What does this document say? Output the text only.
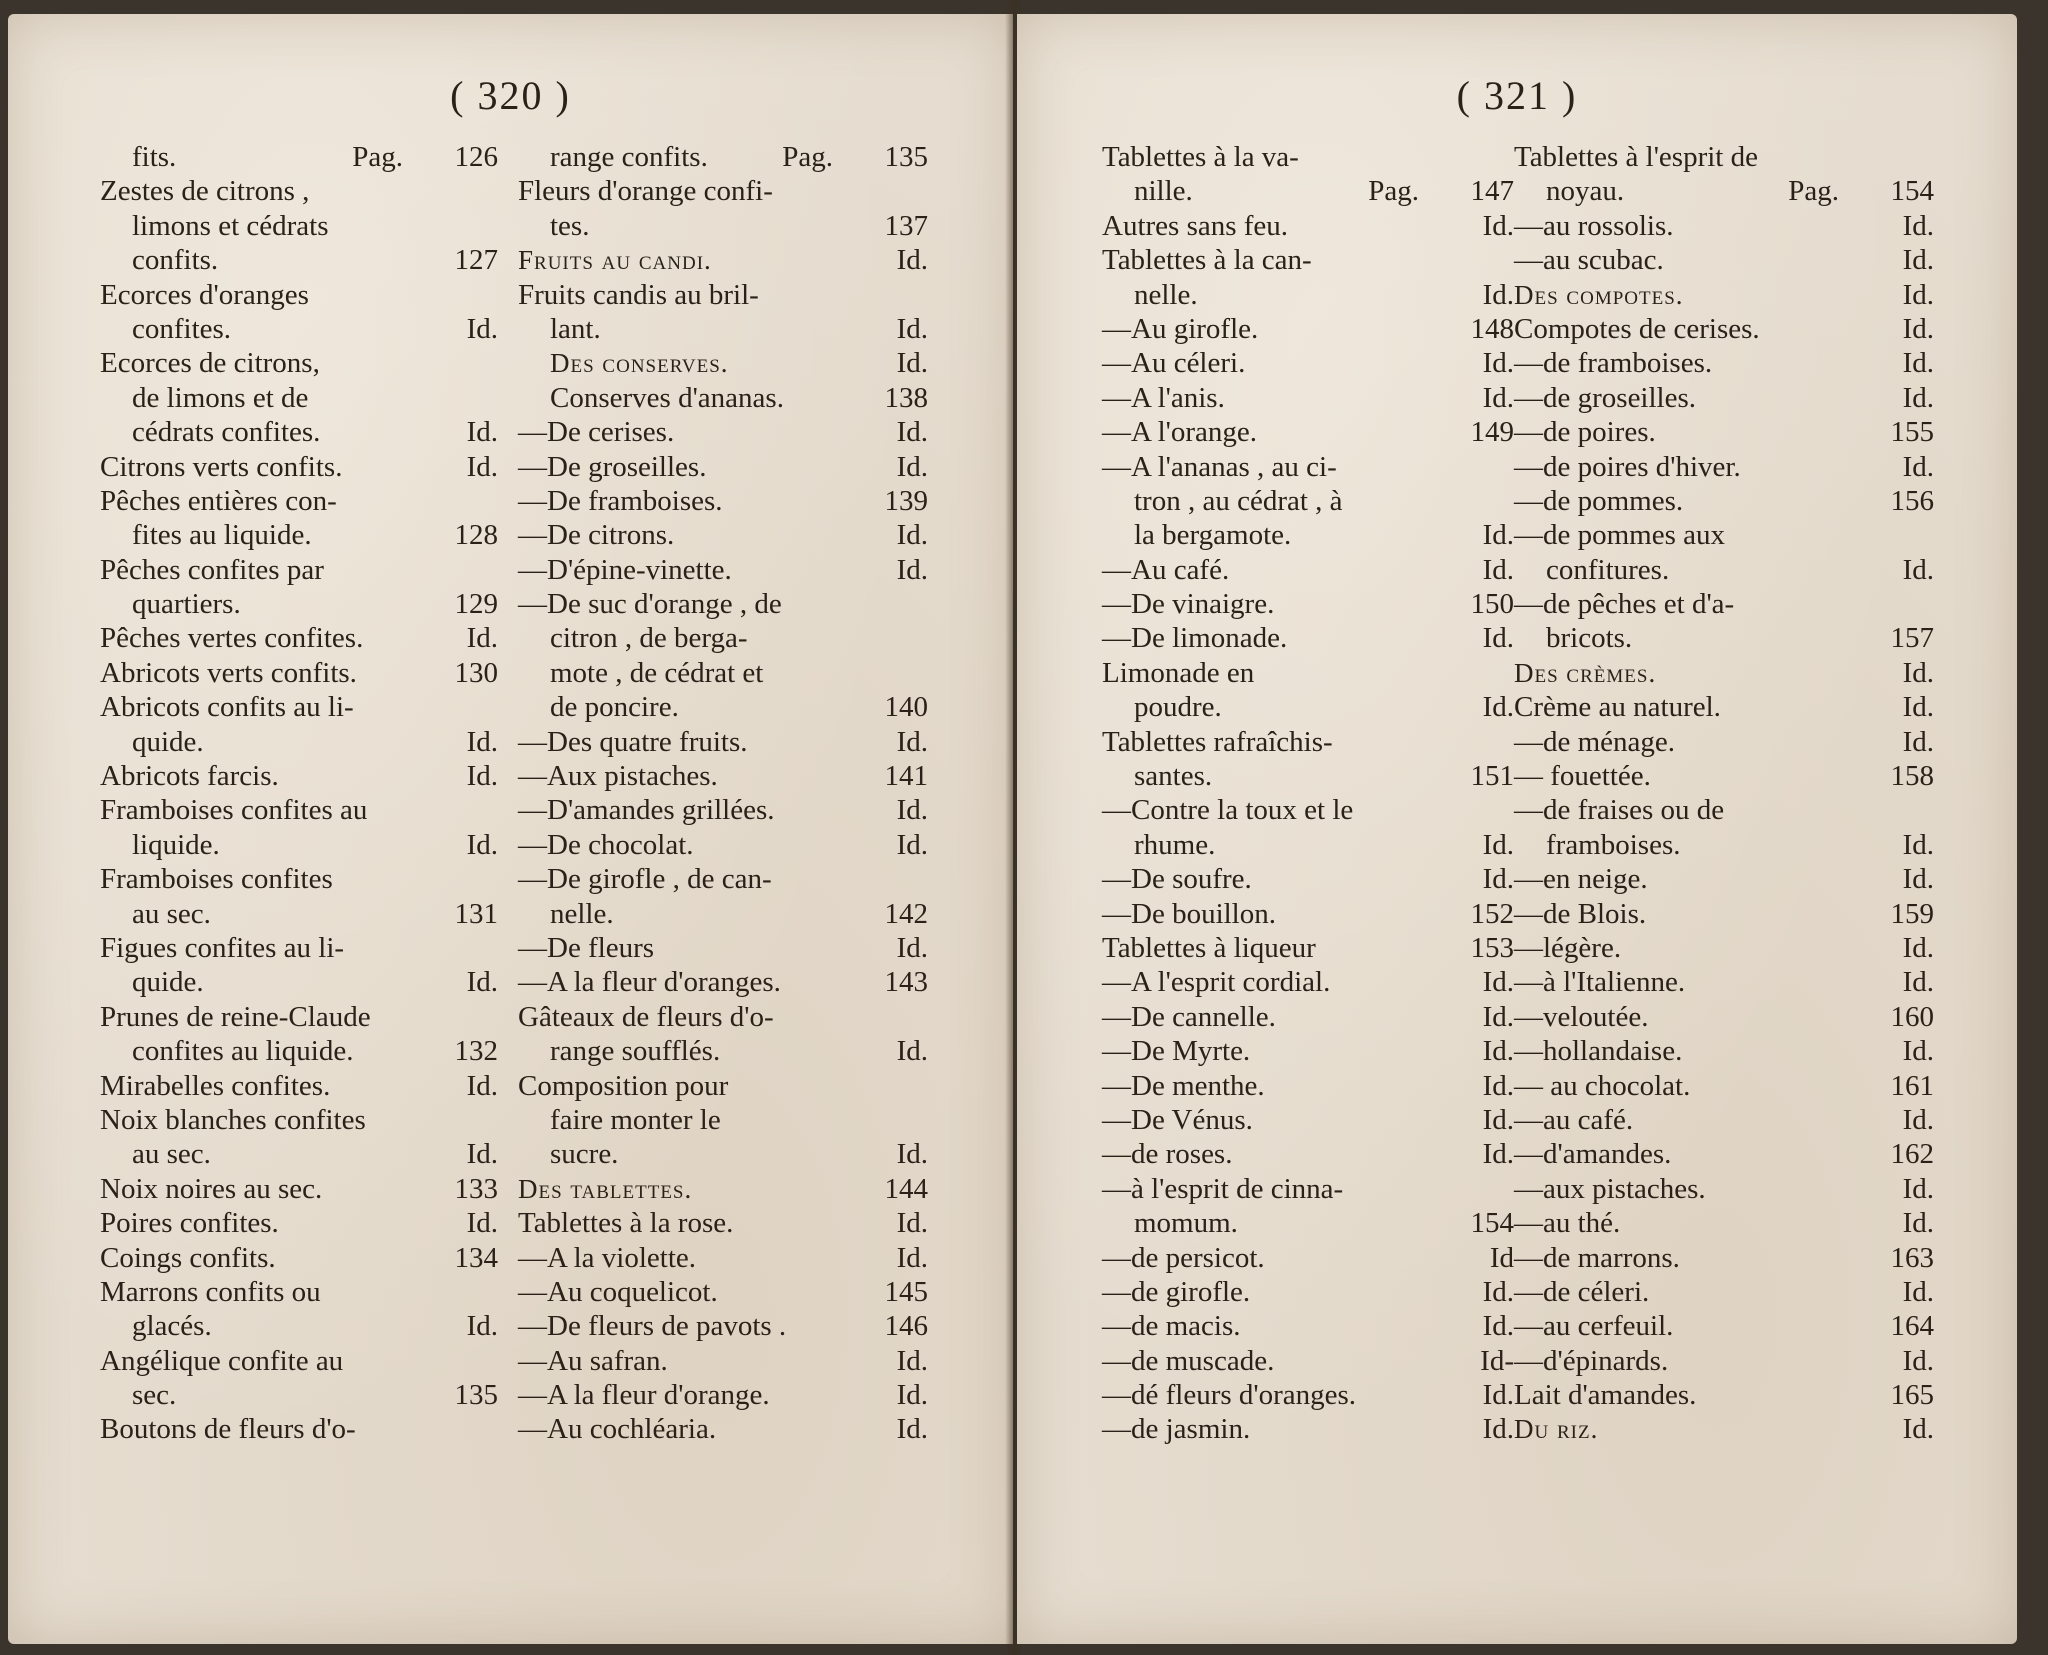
( 320 )
fits.	Pag. 126
Zestes de citrons ,
limons et cédrats
confits.	127
Ecorces d'oranges
confites.	Id.
Ecorces de citrons,
de limons et de
cédrats confites.	Id.
Citrons verts confits.	Id.
Pêches entières con-
fites au liquide.	128
Pêches confites par
quartiers.	129
Pêches vertes confites.	Id.
Abricots verts confits.	130
Abricots confits au li-
quide.	Id.
Abricots farcis.	Id.
Framboises confites au
liquide.	Id.
Framboises confites
au sec.	131
Figues confites au li-
quide.	Id.
Prunes de reine-Claude
confites au liquide.	132
Mirabelles confites.	Id.
Noix blanches confites
au sec.	Id.
Noix noires au sec.	133
Poires confites.	Id.
Coings confits.	134
Marrons confits ou
glacés.	Id.
Angélique confite au
sec.	135
Boutons de fleurs d'o-
range confits.	Pag. 135
Fleurs d'orange confi-
tes.	137
Fruits au candi.	Id.
Fruits candis au bril-
lant.	Id.
Des conserves.	Id.
Conserves d'ananas.	138
—De cerises.	Id.
—De groseilles.	Id.
—De framboises.	139
—De citrons.	Id.
—D'épine-vinette.	Id.
—De suc d'orange , de
citron , de berga-
mote , de cédrat et
de poncire.	140
—Des quatre fruits.	Id.
—Aux pistaches.	141
—D'amandes grillées.	Id.
—De chocolat.	Id.
—De girofle , de can-
nelle.	142
—De fleurs	Id.
—A la fleur d'oranges.	143
Gâteaux de fleurs d'o-
range soufflés.	Id.
Composition pour
faire monter le
sucre.	Id.
Des tablettes.	144
Tablettes à la rose.	Id.
—A la violette.	Id.
—Au coquelicot.	145
—De fleurs de pavots .	146
—Au safran.	Id.
—A la fleur d'orange.	Id.
—Au cochléaria.	Id.
( 321 )
Tablettes à la va-
nille.	Pag. 147
Autres sans feu.	Id.
Tablettes à la can-
nelle.	Id.
—Au girofle.	148
—Au céleri.	Id.
—A l'anis.	Id.
—A l'orange.	149
—A l'ananas , au ci-
tron , au cédrat , à
la bergamote.	Id.
—Au café.	Id.
—De vinaigre.	150
—De limonade.	Id.
Limonade en
poudre.	Id.
Tablettes rafraîchis-
santes.	151
—Contre la toux et le
rhume.	Id.
—De soufre.	Id.
—De bouillon.	152
Tablettes à liqueur	153
—A l'esprit cordial.	Id.
—De cannelle.	Id.
—De Myrte.	Id.
—De menthe.	Id.
—De Vénus.	Id.
—de roses.	Id.
—à l'esprit de cinna-
momum.	154
—de persicot.	Id
—de girofle.	Id.
—de macis.	Id.
—de muscade.	Id-
—dé fleurs d'oranges.	Id.
—de jasmin.	Id.
Tablettes à l'esprit de
noyau.	Pag. 154
—au rossolis.	Id.
—au scubac.	Id.
Des compotes.	Id.
Compotes de cerises.	Id.
—de framboises.	Id.
—de groseilles.	Id.
—de poires.	155
—de poires d'hiver.	Id.
—de pommes.	156
—de pommes aux
confitures.	Id.
—de pêches et d'a-
bricots.	157
Des crèmes.	Id.
Crème au naturel.	Id.
—de ménage.	Id.
— fouettée.	158
—de fraises ou de
framboises.	Id.
—en neige.	Id.
—de Blois.	159
—légère.	Id.
—à l'Italienne.	Id.
—veloutée.	160
—hollandaise.	Id.
— au chocolat.	161
—au café.	Id.
—d'amandes.	162
—aux pistaches.	Id.
—au thé.	Id.
—de marrons.	163
—de céleri.	Id.
—au cerfeuil.	164
—d'épinards.	Id.
Lait d'amandes.	165
Du riz.	Id.
